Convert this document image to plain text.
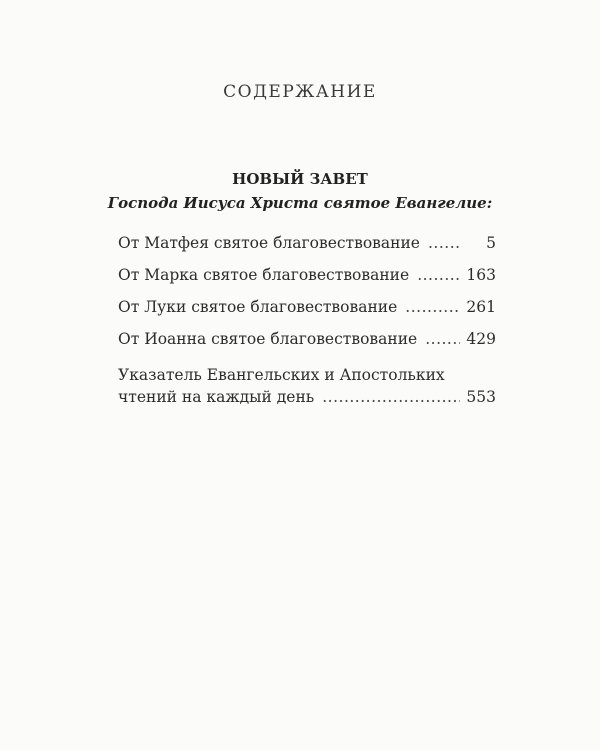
СОДЕРЖАНИЕ
НОВЫЙ ЗАВЕТ
Господа Иисуса Христа святое Евангелие:
От Матфея святое благовествование .....	5
От Марка святое благовествование .....	163
От Луки святое благовествование .....	261
От Иоанна святое благовествование .....	429
Указатель Евангельских и Апостольких
чтений на каждый день .....	553
